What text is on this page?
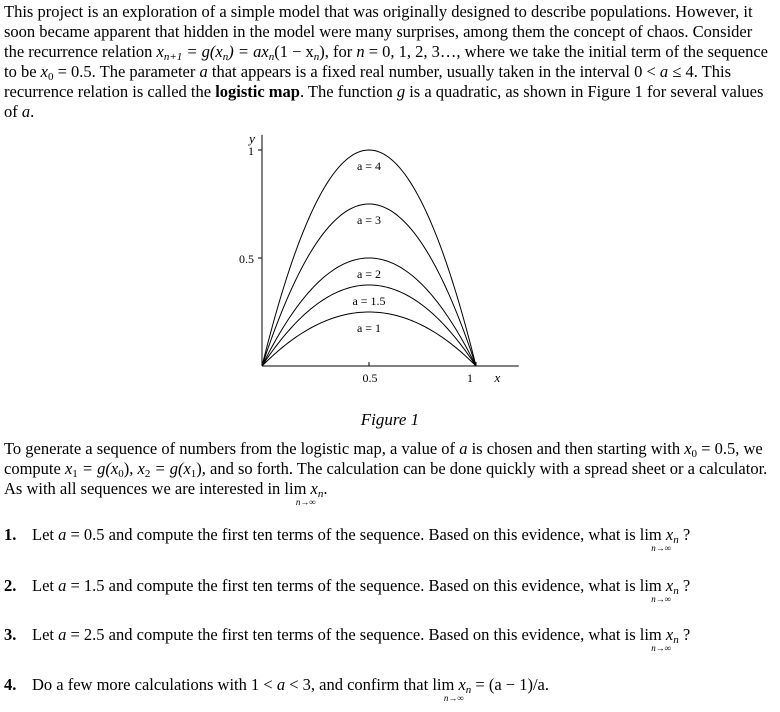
This project is an exploration of a simple model that was originally designed to describe populations. However, it soon became apparent that hidden in the model were many surprises, among them the concept of chaos. Consider the recurrence relation $x_{n+1} = g(x_n) = ax_n(1 - x_n)$, for n = 0, 1, 2, 3…, where we take the initial term of the sequence to be $x_0 = 0.5$. The parameter a that appears is a fixed real number, usually taken in the interval 0 < a ≤ 4. This recurrence relation is called the logistic map. The function g is a quadratic, as shown in Figure 1 for several values of a.

1
0.5
0.5	1
y
x
a = 4
a = 3
a = 2
a = 1.5
a = 1
Figure 1

To generate a sequence of numbers from the logistic map, a value of a is chosen and then starting with $x_0 = 0.5$, we compute $x_1 = g(x_0)$, $x_2 = g(x_1)$, and so forth. The calculation can be done quickly with a spread sheet or a calculator. As with all sequences we are interested in $\lim x_n$
n→∞
.

1. Let a = 0.5 and compute the first ten terms of the sequence. Based on this evidence, what is $\lim x_n$
n→∞
?
2. Let a = 1.5 and compute the first ten terms of the sequence. Based on this evidence, what is $\lim x_n$
n→∞
?
3. Let a = 2.5 and compute the first ten terms of the sequence. Based on this evidence, what is $\lim x_n$
n→∞
?
4. Do a few more calculations with 1 < a < 3, and confirm that $\lim x_n$
n→∞
= (a − 1)/a.
